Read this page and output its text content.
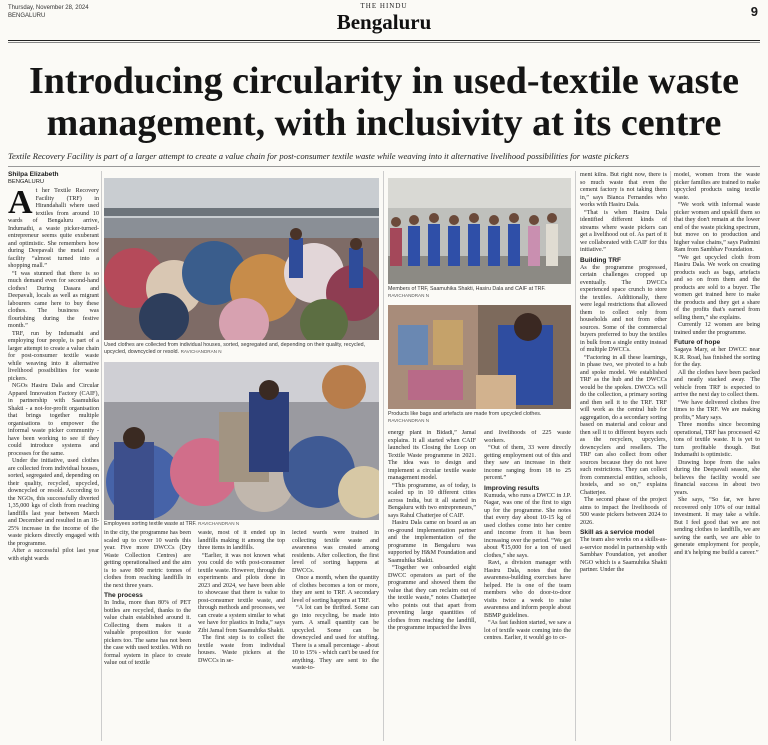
Thursday, November 28, 2024
BENGALURU
THE HINDU
Bengaluru	9
Introducing circularity in used-textile waste
management, with inclusivity at its centre
Textile Recovery Facility is part of a larger attempt to create a value chain for post-consumer textile waste while weaving into it alternative livelihood possibilities for waste pickers
Shilpa Elizabeth
BENGALURU
A t her Textile Recovery Facility (TRF) in Hirandahalli where used textiles from around 10 wards of Bengaluru arrive, Indumathi, a waste picker-turned-entrepreneur seems quite exuberant and optimistic. She remembers how during Deepavali the metal roof facility “almost turned into a shopping mall.”

“I was stunned that there is so much demand even for second-hand clothes! During Dasara and Deepavali, locals as well as migrant labourers came here to buy these clothes. The business was flourishing during the festive month.”

TRF, run by Indumathi and employing four people, is part of a larger attempt to create a value chain for post-consumer textile waste while weaving into it alternative livelihood possibilities for waste pickers.

NGOs Hasiru Dala and Circular Apparel Innovation Factory (CAIF), in partnership with Saamuhika Shakti - a not-for-profit organisation that brings together multiple organisations to empower the informal waste picker community - have been working to see if they could introduce systems and processes for the same.

Under the initiative, used clothes are collected from individual houses, sorted, segregated and, depending on their quality, recycled, upcycled, downcycled or resold. According to the NGOs, this successfully diverted 1,35,000 kgs of cloth from reaching landfills last year between March and December and resulted in an 18-25% increase in the income of the waste pickers directly engaged with the programme.

After a successful pilot last year with eight wards

Used clothes are collected from individual houses, sorted, segregated and, depending on their quality, recycled, upcycled, downcycled or resold. RAVICHANDRAN N
Employees sorting textile waste at TRF. RAVICHANDRAN N

in the city, the programme has been scaled up to cover 10 wards this year. Five more DWCCs (Dry Waste Collection Centres) are getting operationalised and the aim is to save 800 metric tonnes of clothes from reaching landfills in the next three years.

The process

In India, more than 80% of PET bottles are recycled, thanks to the value chain established around it. Collecting them makes it a valuable proposition for waste pickers too. The same has not been the case with used textiles. With no formal system in place to create value out of textile

waste, most of it ended up in landfills making it among the top three items in landfills.

“Earlier, it was not known what you could do with post-consumer textile waste. However, through the experiments and pilots done in 2023 and 2024, we have been able to showcase that there is value to post-consumer textile waste, and through methods and processes, we can create a system similar to what we have for plastics in India,” says Zibi Jamal from Saamuhika Shakti.

The first step is to collect the textile waste from individual houses. Waste pickers at the DWCCs in se-

lected wards were trained in collecting textile waste and awareness was created among residents. After collection, the first level of sorting happens at DWCCs.

Once a month, when the quantity of clothes becomes a ton or more, they are sent to TRF. A secondary level of sorting happens at TRF.

“A lot can be thrifted. Some can go into recycling, be made into yarn. A small quantity can be upcycled. Some can be downcycled and used for stuffing. There is a small percentage - about 10 to 15% - which can't be used for anything. They are sent to the waste-to-

Members of TRF, Saamuhika Shakti, Hasiru Dala and CAIF at TRF.
RAVICHANDRAN N
Products like bags and artefacts are made from upcycled clothes.
RAVICHANDRAN N

energy plant in Bidadi,” Jamal explains. It all started when CAIF launched its Closing the Loop on Textile Waste programme in 2021. The idea was to design and implement a circular textile waste management model.

“This programme, as of today, is scaled up in 10 different cities across India, but it all started in Bengaluru with two entrepreneurs,” says Rahul Chatterjee of CAIF.

Hasiru Dala came on board as an on-ground implementation partner and the implementation of the programme in Bengaluru was supported by H&M Foundation and Saamuhika Shakti.

“Together we onboarded eight DWCC operators as part of the programme and showed them the value that they can reclaim out of the textile waste,” notes Chatterjee who points out that apart from preventing large quantities of clothes from reaching the landfill, the programme impacted the lives

and livelihoods of 225 waste workers.

“Out of them, 33 were directly getting employment out of this and they saw an increase in their income ranging from 18 to 25 percent.”

Improving results

Kumuda, who runs a DWCC in J.P. Nagar, was one of the first to sign up for the programme. She notes that every day about 10-15 kg of used clothes come into her centre and income from it has been increasing over the period. “We get about ₹15,000 for a ton of used clothes,” she says.

Ravi, a division manager with Hasiru Dala, notes that the awareness-building exercises have helped. He is one of the team members who do door-to-door visits twice a week to raise awareness and inform people about BBMP guidelines.

“As fast fashion started, we saw a lot of textile waste coming into the centres. Earlier, it would go to ce-

ment kilns. But right now, there is so much waste that even the cement factory is not taking them in,” says Bianca Fernandes who works with Hasiru Dala.

“That is when Hasiru Dala identified different kinds of streams where waste pickers can get a livelihood out of. As part of it we collaborated with CAIF for this initiative.”

Building TRF

As the programme progressed, certain challenges cropped up eventually. The DWCCs experienced space crunch to store the textiles. Additionally, there were legal restrictions that allowed them to collect only from households and not from other sources. Some of the commercial buyers preferred to buy the textiles in bulk from a single entity instead of multiple DWCCs.

“Factoring in all these learnings, in phase two, we pivoted to a hub and spoke model. We established TRF as the hub and the DWCCs would be the spokes. DWCCs will do the collection, a primary sorting and then sell it to the TRF. TRF will work as the central hub for aggregation, do a secondary sorting based on material and colour and then sell it to different buyers such as the recyclers, upcyclers, downcyclers and resellers. The TRF can also collect from other sources because they do not have such restrictions. They can collect from commercial entities, schools, hostels, and so on,” explains Chatterjee.

The second phase of the project aims to impact the livelihoods of 500 waste pickers between 2024 to 2026.

Skill as a service model

The team also works on a skills-as-a-service model in partnership with Sambhav Foundation, yet another NGO which is a Saamuhika Shakti partner. Under the

model, women from the waste picker families are trained to make upcycled products using textile waste.

“We work with informal waste picker women and upskill them so that they don't remain at the lower end of the waste picking spectrum, but move on to production and higher value chains,” says Padmini Ram from Sambhav Foundation.

“We get upcycled cloth from Hasiru Dala. We work on creating products such as bags, artefacts and so on from them and the products are sold to a buyer. The women get trained here to make the products and they get a share of the profits that's earned from selling them,” she explains.

Currently 12 women are being trained under the programme.

Future of hope

Sagaya Mary, at her DWCC near K.R. Road, has finished the sorting for the day.

All the clothes have been packed and neatly stacked away. The vehicle from TRF is expected to arrive the next day to collect them.

“We have delivered clothes five times to the TRF. We are making profits,” Mary says.

Three months since becoming operational, TRF has processed 42 tons of textile waste. It is yet to turn profitable though. But Indumathi is optimistic.

Drawing hope from the sales during the Deepavali season, she believes the facility would see financial success in about two years.

She says, “So far, we have recovered only 10% of our initial investment. It may take a while. But I feel good that we are not sending clothes to landfills, we are saving the earth, we are able to generate employment for people, and it's helping me build a career.”
